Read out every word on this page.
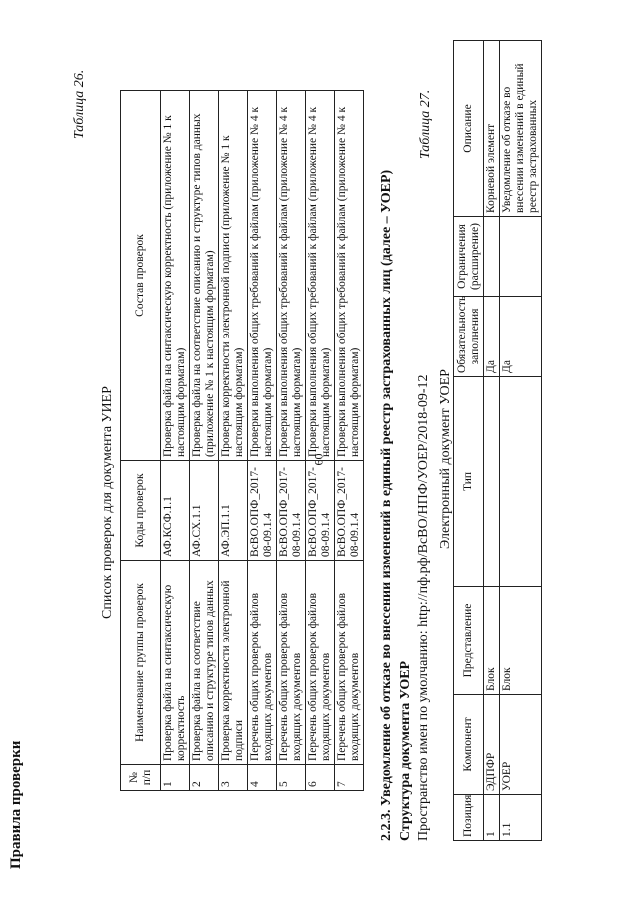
60
Правила проверки
Таблица 26.
Список проверок для документа УИЕР
№ п/п	Наименование группы проверок	Коды проверок	Состав проверок
1	Проверка файла на синтаксическую корректность	АФ.КСФ.1.1	Проверка файла на синтаксическую корректность (приложение № 1 к настоящим форматам)
2	Проверка файла на соответствие описанию и структуре типов данных	АФ.СХ.1.1	Проверка файла на соответствие описанию и структуре типов данных (приложение № 1 к настоящим форматам)
3	Проверка корректности электронной подписи	АФ.ЭП.1.1	Проверка корректности электронной подписи (приложение № 1 к настоящим форматам)
4	Перечень общих проверок файлов входящих документов	ВсВО.ОПФ_2017-08-09.1.4	Проверки выполнения общих требований к файлам (приложение № 4 к настоящим форматам)
5	Перечень общих проверок файлов входящих документов	ВсВО.ОПФ_2017-08-09.1.4	Проверки выполнения общих требований к файлам (приложение № 4 к настоящим форматам)
6	Перечень общих проверок файлов входящих документов	ВсВО.ОПФ_2017-08-09.1.4	Проверки выполнения общих требований к файлам (приложение № 4 к настоящим форматам)
7	Перечень общих проверок файлов входящих документов	ВсВО.ОПФ_2017-08-09.1.4	Проверки выполнения общих требований к файлам (приложение № 4 к настоящим форматам) 2.2.3. Уведомление об отказе во внесении изменений в единый реестр застрахованных лиц (далее – УОЕР) Структура документа УОЕР Пространство имен по умолчанию: http://пф.рф/ВсВО/НПФ/УОЕР/2018-09-12
Таблица 27.
Электронный документ УОЕР
Позиция	Компонент	Представление	Тип	Обязательность заполнения	Ограничения (расширение)	Описание
1	ЭДПФР	Блок		Да		Корневой элемент
1.1	УОЕР	Блок		Да		Уведомление об отказе во внесении изменений в единый реестр застрахованных
